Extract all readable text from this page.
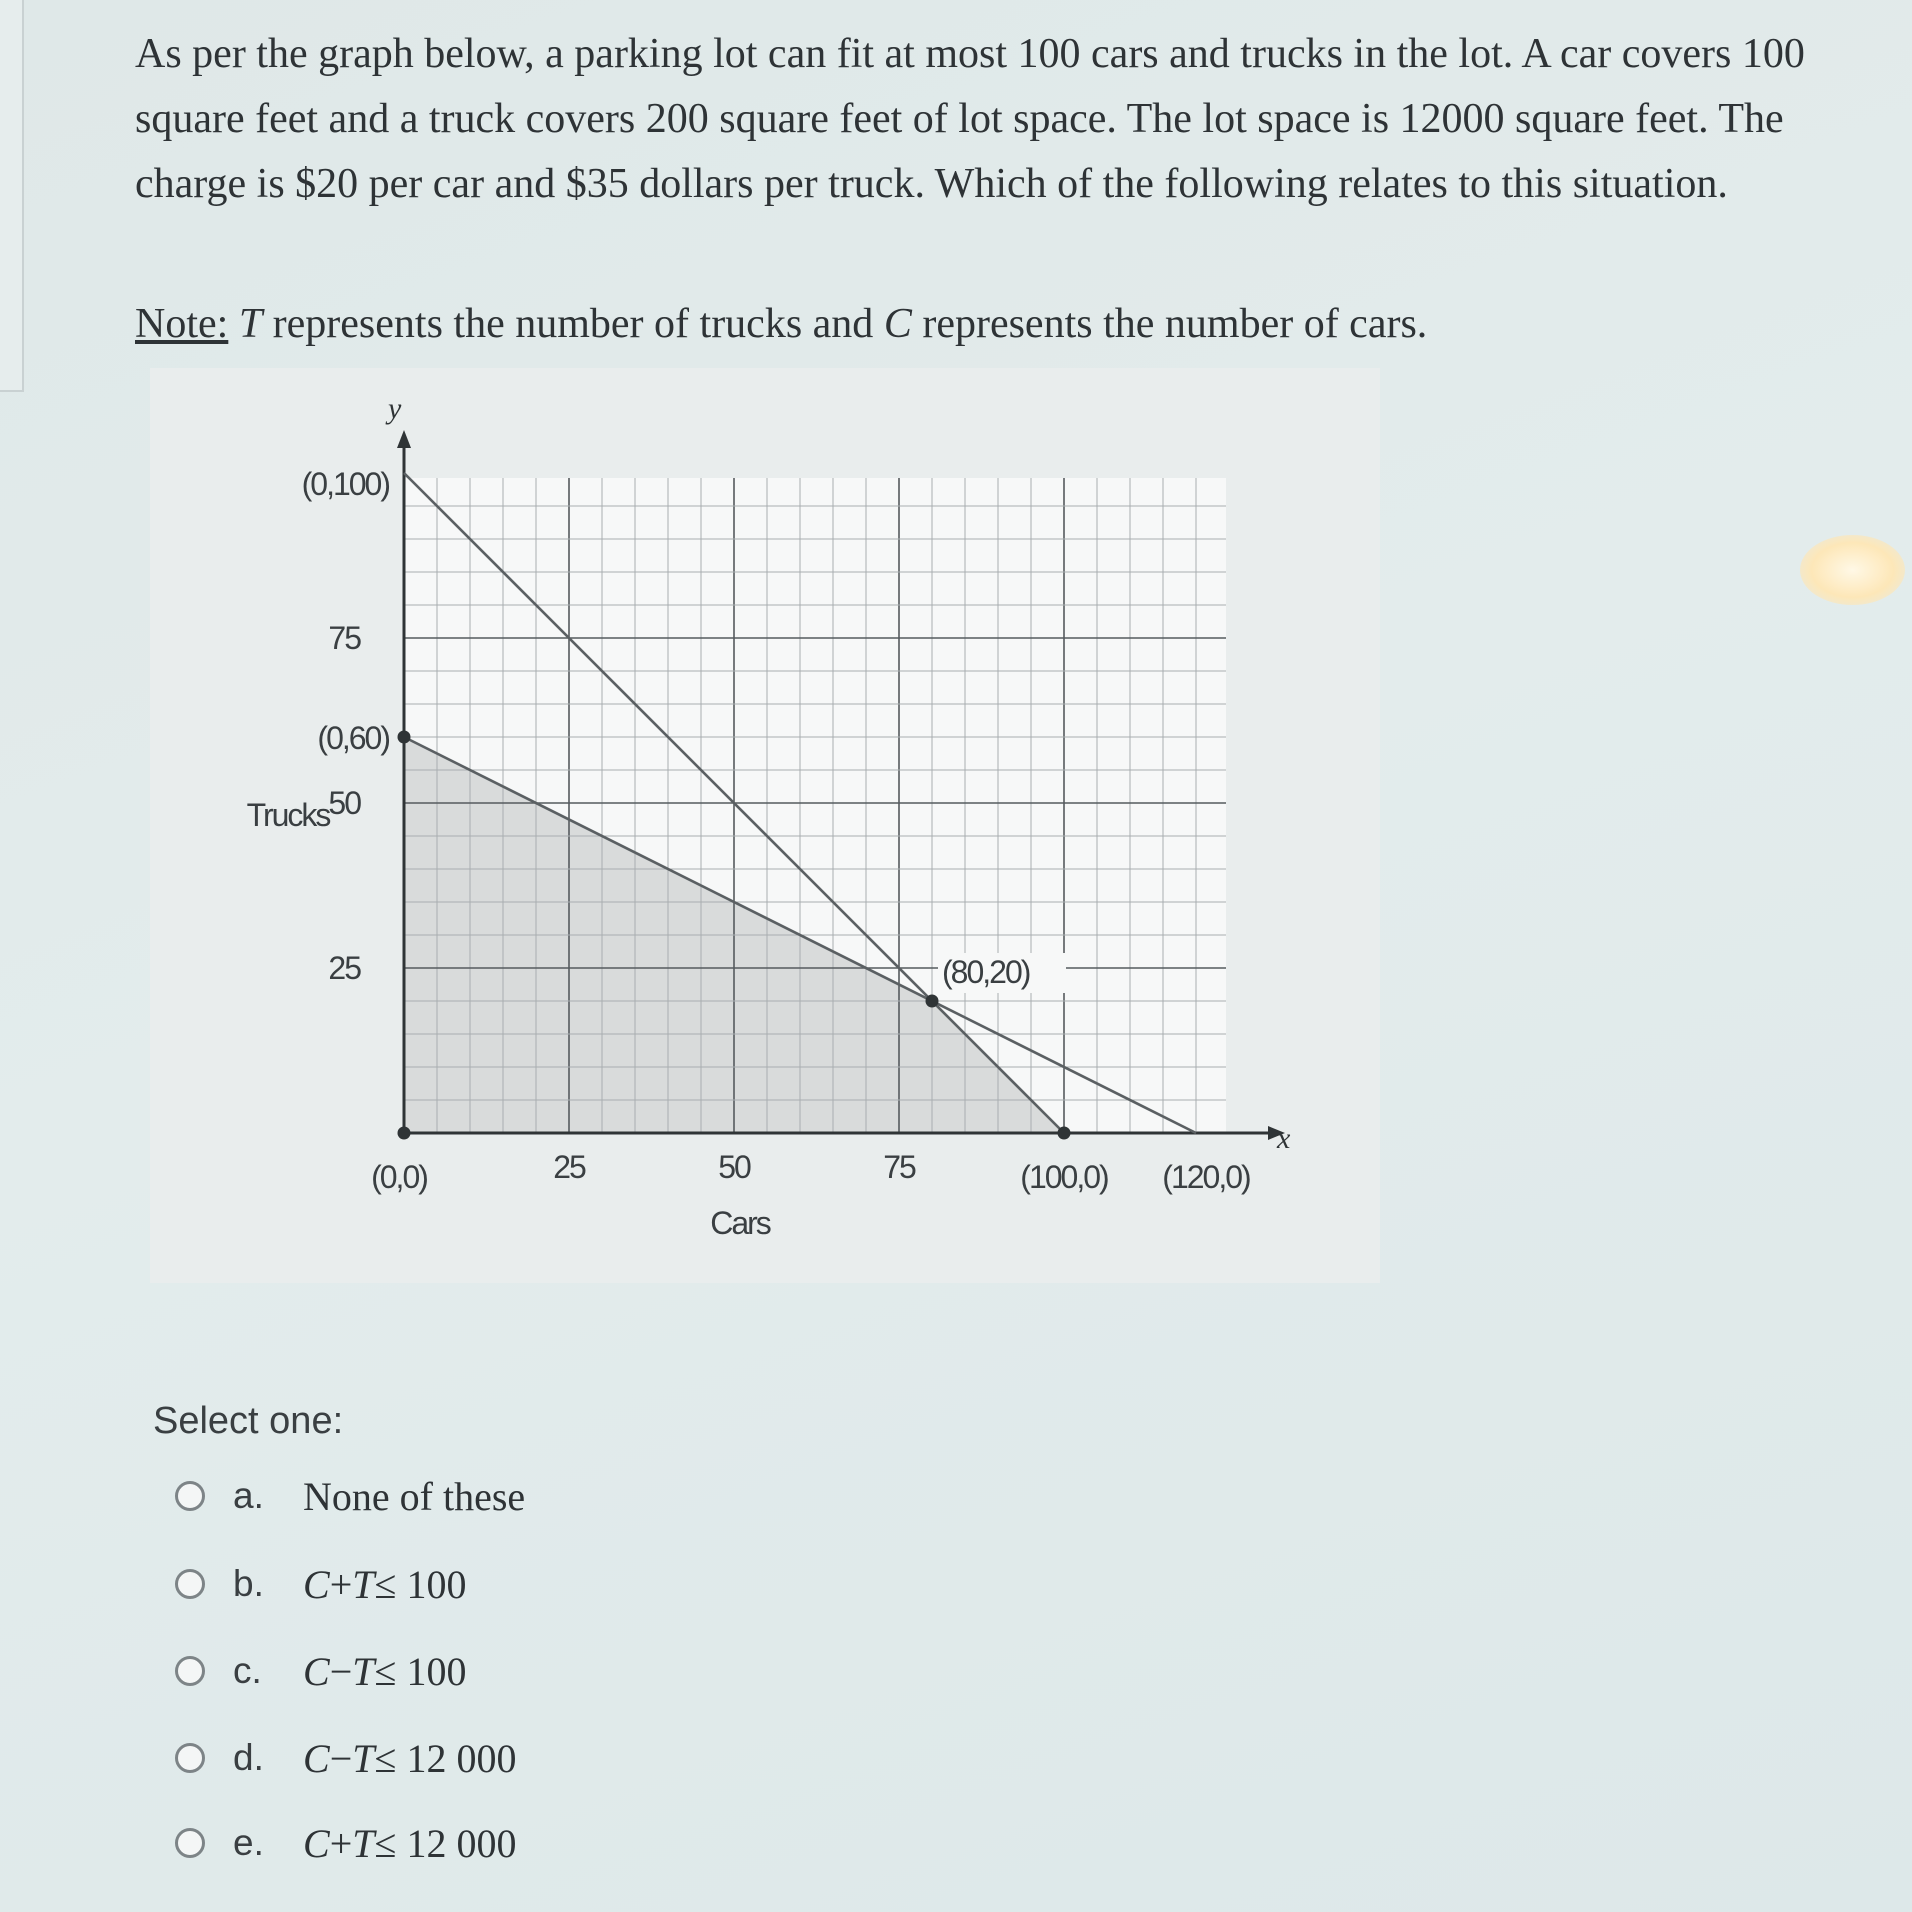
As per the graph below, a parking lot can fit at most 100 cars and trucks in the lot. A car covers 100 square feet and a truck covers 200 square feet of lot space. The lot space is 12000 square feet. The charge is $20 per car and $35 dollars per truck. Which of the following relates to this situation.

Note: T represents the number of trucks and C represents the number of cars.
x
y
25	50	75
25
50
75
Cars
Trucks
(0,100)
(0,60)
(80,20)
(0,0)	(100,0) (120,0)
Select one:
a. None of these
b. C+T≤ 100
c. C−T≤ 100
d. C−T≤ 12 000
e. C+T≤ 12 000
